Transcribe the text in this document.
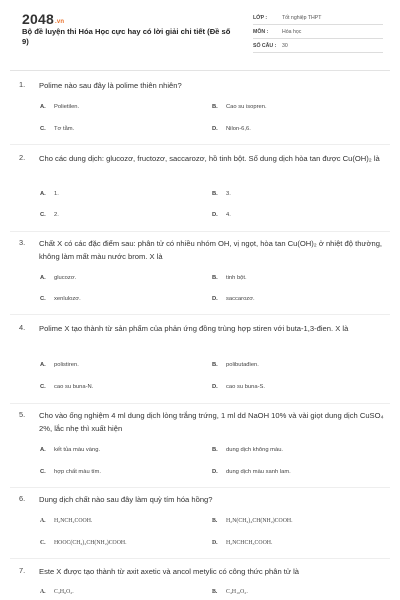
2048.vn
Bộ đề luyện thi Hóa Học cực hay có lời giải chi tiết (Đề số 9)
LỚP :	Tốt nghiệp THPT
MÔN :	Hóa học
SỐ CÂU : 30
1. Polime nào sau đây là polime thiên nhiên?
A. Polietilen.	B. Cao su isopren.
C. Tơ tằm.	D. Nilon-6,6.
2. Cho các dung dịch: glucozơ, fructozơ, saccarozơ, hồ tinh bột. Số dung dịch hòa tan được Cu(OH)₂ là
A. 1.	B. 3.
C. 2.	D. 4.
3. Chất X có các đặc điểm sau: phân tử có nhiều nhóm OH, vị ngọt, hòa tan Cu(OH)₂ ở nhiệt độ thường, không làm mất màu nước brom. X là
A. glucozơ.	B. tinh bột.
C. xenlulozơ.	D. saccarozơ.
4. Polime X tạo thành từ sản phẩm của phản ứng đồng trùng hợp stiren với buta-1,3-đien. X là
A. polistiren.	B. polibutađien.
C. cao su buna-N.	D. cao su buna-S.
5. Cho vào ống nghiệm 4 ml dung dịch lòng trắng trứng, 1 ml dd NaOH 10% và vài giọt dung dịch CuSO₄ 2%, lắc nhẹ thì xuất hiện
A. kết tủa màu vàng.	B. dung dịch không màu.
C. hợp chất màu tím.	D. dung dịch màu xanh lam.
6. Dung dịch chất nào sau đây làm quỳ tím hóa hồng?
A. H₂NCH₂COOH.	B. H₂N(CH₂)₄CH(NH₂)COOH.
C. HOOC(CH₂)₂CH(NH₂)COOH.	D. H₂NCHCH₃COOH.
7. Este X được tạo thành từ axit axetic và ancol metylic có công thức phân tử là
A. C₃H₆O₂.	B. C₄H₁₀O₂.
